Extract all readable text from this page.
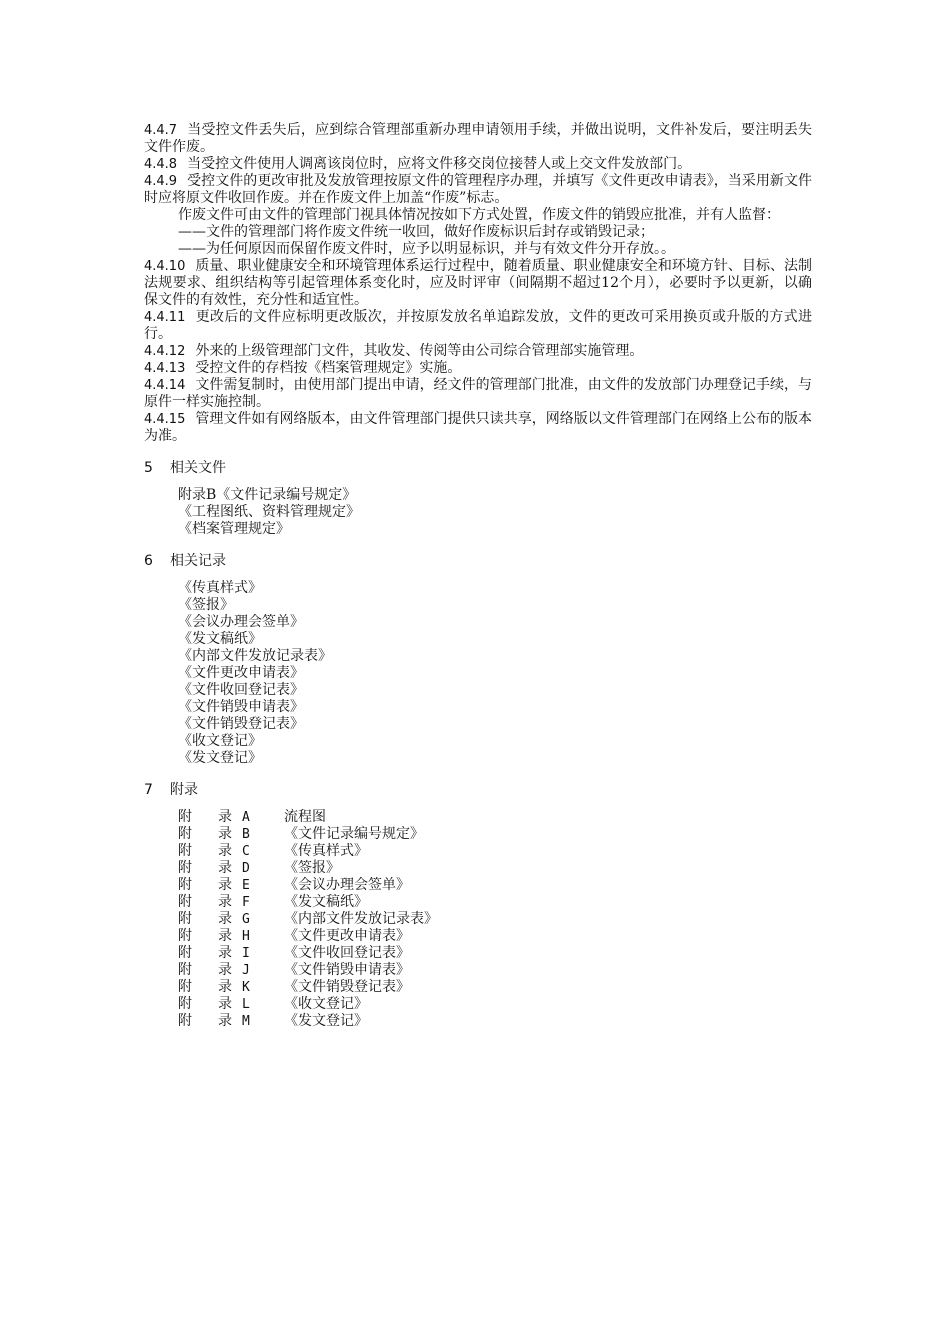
4.4.7 当受控文件丢失后，应到综合管理部重新办理申请领用手续，并做出说明，文件补发后，要注明丢失文件作废。

4.4.8 当受控文件使用人调离该岗位时，应将文件移交岗位接替人或上交文件发放部门。

4.4.9 受控文件的更改审批及发放管理按原文件的管理程序办理，并填写《文件更改申请表》，当采用新文件时应将原文件收回作废。并在作废文件上加盖“作废”标志。

作废文件可由文件的管理部门视具体情况按如下方式处置，作废文件的销毁应批准，并有人监督：

——文件的管理部门将作废文件统一收回，做好作废标识后封存或销毁记录；

——为任何原因而保留作废文件时，应予以明显标识，并与有效文件分开存放。。

4.4.10 质量、职业健康安全和环境管理体系运行过程中，随着质量、职业健康安全和环境方针、目标、法制法规要求、组织结构等引起管理体系变化时，应及时评审（间隔期不超过12个月），必要时予以更新，以确保文件的有效性，充分性和适宜性。

4.4.11 更改后的文件应标明更改版次，并按原发放名单追踪发放，文件的更改可采用换页或升版的方式进行。

4.4.12 外来的上级管理部门文件，其收发、传阅等由公司综合管理部实施管理。

4.4.13 受控文件的存档按《档案管理规定》实施。

4.4.14 文件需复制时，由使用部门提出申请，经文件的管理部门批准，由文件的发放部门办理登记手续，与原件一样实施控制。

4.4.15 管理文件如有网络版本，由文件管理部门提供只读共享，网络版以文件管理部门在网络上公布的版本为准。

5 相关文件
附录B《文件记录编号规定》
《工程图纸、资料管理规定》
《档案管理规定》
6 相关记录
《传真样式》
《签报》
《会议办理会签单》
《发文稿纸》
《内部文件发放记录表》
《文件更改申请表》
《文件收回登记表》
《文件销毁申请表》
《文件销毁登记表》
《收文登记》
《发文登记》
7 附录
附	录 A	流程图
附	录 B	《文件记录编号规定》
附	录 C	《传真样式》
附	录 D	《签报》
附	录 E	《会议办理会签单》
附	录 F	《发文稿纸》
附	录 G	《内部文件发放记录表》
附	录 H	《文件更改申请表》
附	录 I	《文件收回登记表》
附	录 J	《文件销毁申请表》
附	录 K	《文件销毁登记表》
附	录 L	《收文登记》
附	录 M	《发文登记》
